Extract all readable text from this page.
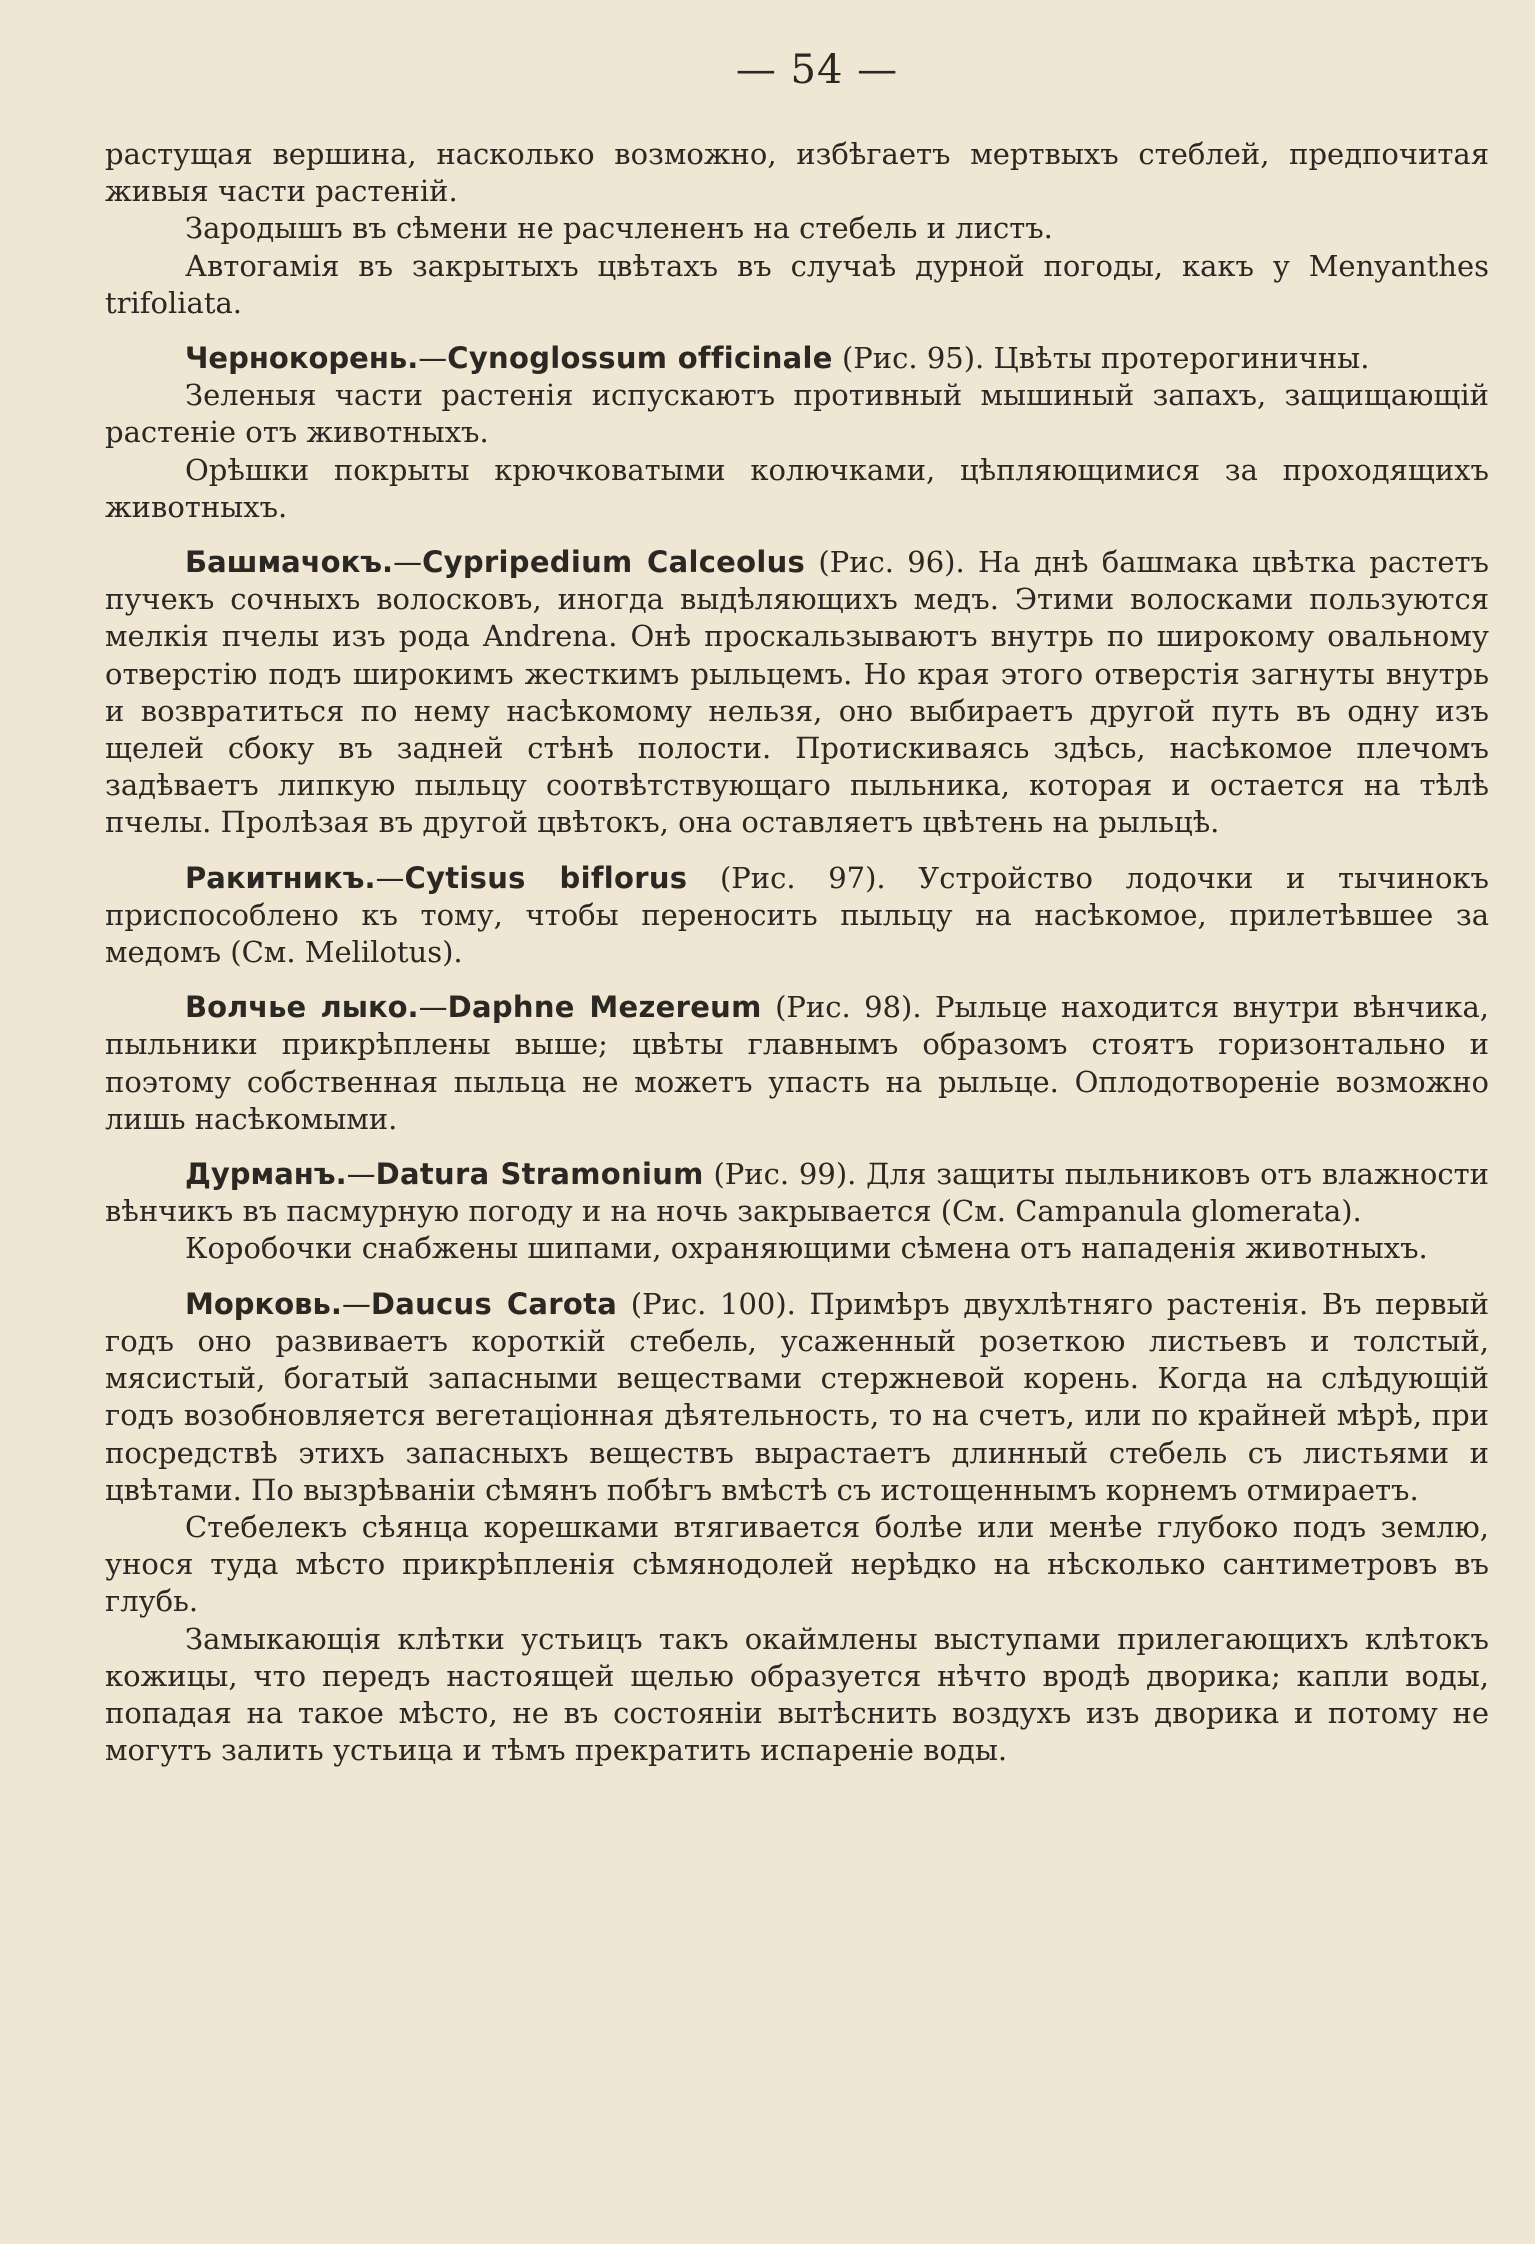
— 54 —

растущая вершина, насколько возможно, избѣгаетъ мертвыхъ стеблей, предпочитая живыя части растеній.

Зародышъ въ сѣмени не расчлененъ на стебель и листъ.

Автогамія въ закрытыхъ цвѣтахъ въ случаѣ дурной погоды, какъ у Menyanthes trifoliata.

Чернокорень.—Cynoglossum officinale (Рис. 95). Цвѣты протерогиничны.

Зеленыя части растенія испускаютъ противный мышиный запахъ, защищающій растеніе отъ животныхъ.

Орѣшки покрыты крючковатыми колючками, цѣпляющимися за проходящихъ животныхъ.

Башмачокъ.—Cypripedium Calceolus (Рис. 96). На днѣ башмака цвѣтка растетъ пучекъ сочныхъ волосковъ, иногда выдѣляющихъ медъ. Этими волосками пользуются мелкія пчелы изъ рода Andrena. Онѣ проскальзываютъ внутрь по широкому овальному отверстію подъ широкимъ жесткимъ рыльцемъ. Но края этого отверстія загнуты внутрь и возвратиться по нему насѣкомому нельзя, оно выбираетъ другой путь въ одну изъ щелей сбоку въ задней стѣнѣ полости. Протискиваясь здѣсь, насѣкомое плечомъ задѣваетъ липкую пыльцу соотвѣтствующаго пыльника, которая и остается на тѣлѣ пчелы. Пролѣзая въ другой цвѣтокъ, она оставляетъ цвѣтень на рыльцѣ.

Ракитникъ.—Cytisus biflorus (Рис. 97). Устройство лодочки и тычинокъ приспособлено къ тому, чтобы переносить пыльцу на насѣкомое, прилетѣвшее за медомъ (См. Melilotus).

Волчье лыко.—Daphne Mezereum (Рис. 98). Рыльце находится внутри вѣнчика, пыльники прикрѣплены выше; цвѣты главнымъ образомъ стоятъ горизонтально и поэтому собственная пыльца не можетъ упасть на рыльце. Оплодотвореніе возможно лишь насѣкомыми.

Дурманъ.—Datura Stramonium (Рис. 99). Для защиты пыльниковъ отъ влажности вѣнчикъ въ пасмурную погоду и на ночь закрывается (См. Campanula glomerata).

Коробочки снабжены шипами, охраняющими сѣмена отъ нападенія животныхъ.

Морковь.—Daucus Carota (Рис. 100). Примѣръ двухлѣтняго растенія. Въ первый годъ оно развиваетъ короткій стебель, усаженный розеткою листьевъ и толстый, мясистый, богатый запасными веществами стержневой корень. Когда на слѣдующій годъ возобновляется вегетаціонная дѣятельность, то на счетъ, или по крайней мѣрѣ, при посредствѣ этихъ запасныхъ веществъ вырастаетъ длинный стебель съ листьями и цвѣтами. По вызрѣваніи сѣмянъ побѣгъ вмѣстѣ съ истощеннымъ корнемъ отмираетъ.

Стебелекъ сѣянца корешками втягивается болѣе или менѣе глубоко подъ землю, унося туда мѣсто прикрѣпленія сѣмянодолей нерѣдко на нѣсколько сантиметровъ въ глубь.

Замыкающія клѣтки устьицъ такъ окаймлены выступами прилегающихъ клѣтокъ кожицы, что передъ настоящей щелью образуется нѣчто вродѣ дворика; капли воды, попадая на такое мѣсто, не въ состояніи вытѣснить воздухъ изъ дворика и потому не могутъ залить устьица и тѣмъ прекратить испареніе воды.
